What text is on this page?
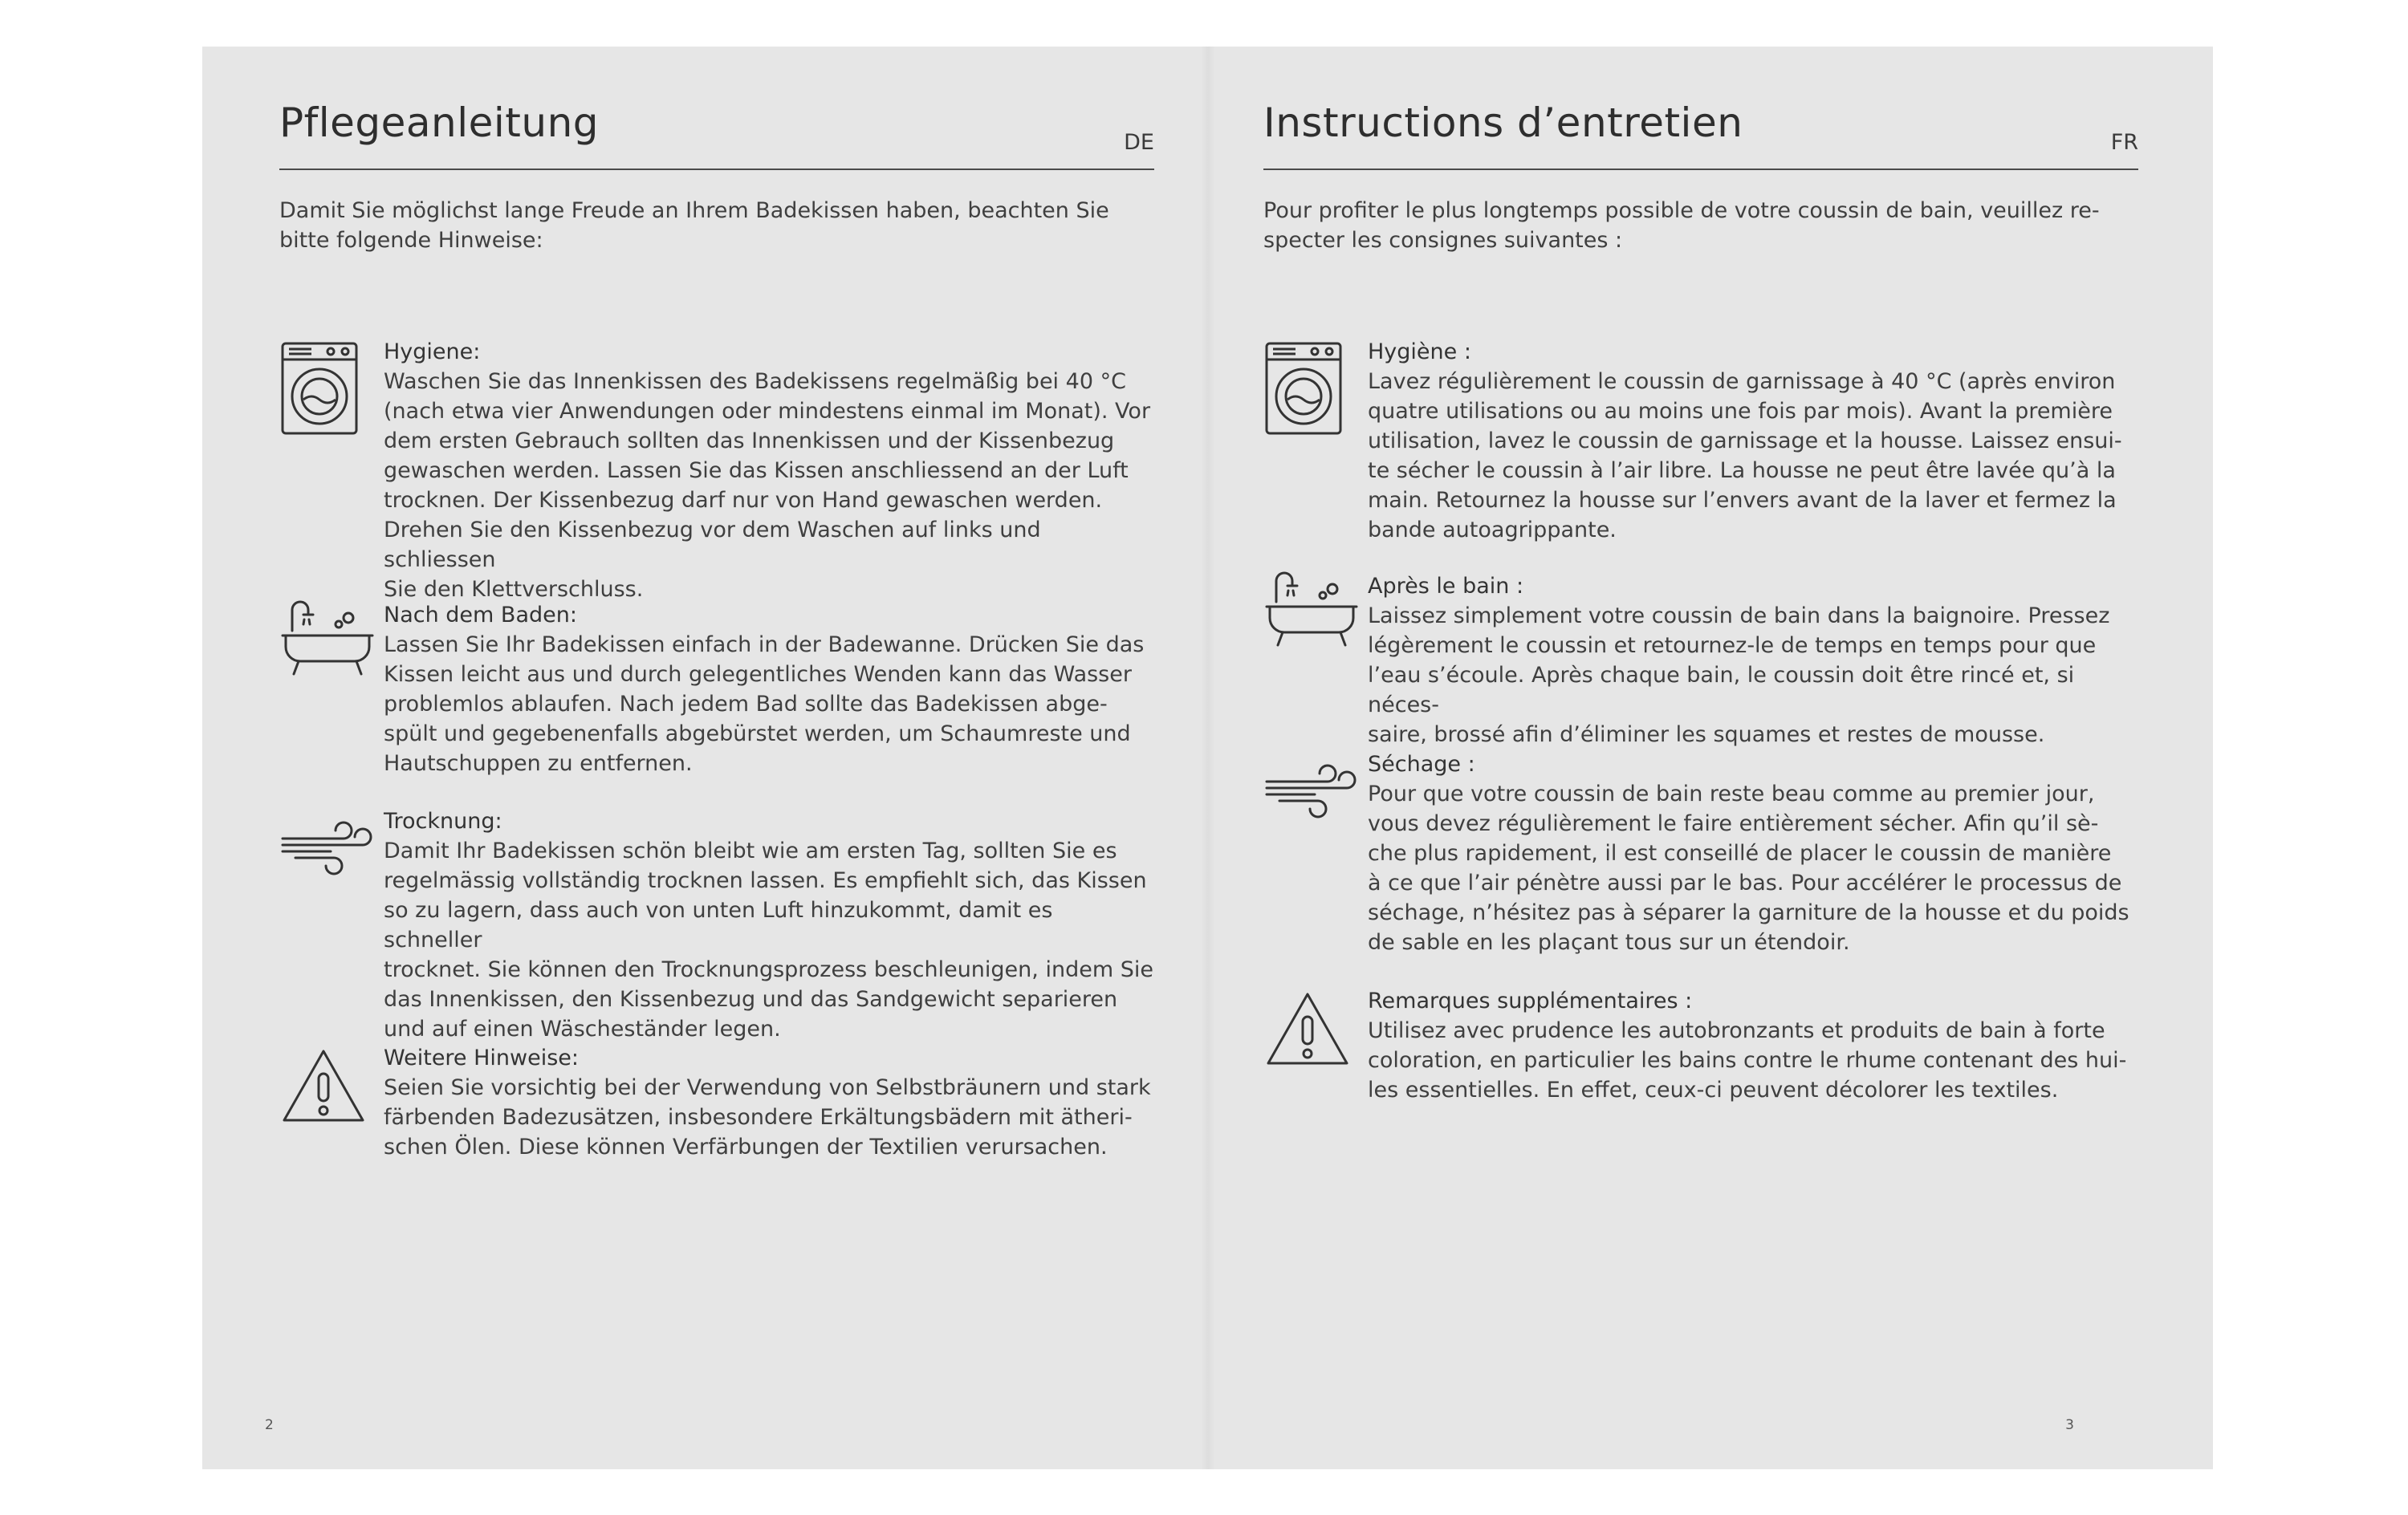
Pflegeanleitung	DE

Damit Sie möglichst lange Freude an Ihrem Badekissen haben, beachten Sie
bitte folgende Hinweise:

Hygiene:

Waschen Sie das Innenkissen des Badekissens regelmäßig bei 40 °C
(nach etwa vier Anwendungen oder mindestens einmal im Monat). Vor
dem ersten Gebrauch sollten das Innenkissen und der Kissenbezug
gewaschen werden. Lassen Sie das Kissen anschliessend an der Luft
trocknen. Der Kissenbezug darf nur von Hand gewaschen werden.
Drehen Sie den Kissenbezug vor dem Waschen auf links und schliessen
Sie den Klettverschluss.

Nach dem Baden:

Lassen Sie Ihr Badekissen einfach in der Badewanne. Drücken Sie das
Kissen leicht aus und durch gelegentliches Wenden kann das Wasser
problemlos ablaufen. Nach jedem Bad sollte das Badekissen abge-
spült und gegebenenfalls abgebürstet werden, um Schaumreste und
Hautschuppen zu entfernen.

Trocknung:

Damit Ihr Badekissen schön bleibt wie am ersten Tag, sollten Sie es
regelmässig vollständig trocknen lassen. Es empfiehlt sich, das Kissen
so zu lagern, dass auch von unten Luft hinzukommt, damit es schneller
trocknet. Sie können den Trocknungsprozess beschleunigen, indem Sie
das Innenkissen, den Kissenbezug und das Sandgewicht separieren
und auf einen Wäscheständer legen.

Weitere Hinweise:

Seien Sie vorsichtig bei der Verwendung von Selbstbräunern und stark
färbenden Badezusätzen, insbesondere Erkältungsbädern mit ätheri-
schen Ölen. Diese können Verfärbungen der Textilien verursachen.

2
Instructions d’entretien	FR

Pour profiter le plus longtemps possible de votre coussin de bain, veuillez re-
specter les consignes suivantes :

Hygiène :

Lavez régulièrement le coussin de garnissage à 40 °C (après environ
quatre utilisations ou au moins une fois par mois). Avant la première
utilisation, lavez le coussin de garnissage et la housse. Laissez ensui-
te sécher le coussin à l’air libre. La housse ne peut être lavée qu’à la
main. Retournez la housse sur l’envers avant de la laver et fermez la
bande autoagrippante.

Après le bain :

Laissez simplement votre coussin de bain dans la baignoire. Pressez
légèrement le coussin et retournez-le de temps en temps pour que
l’eau s’écoule. Après chaque bain, le coussin doit être rincé et, si néces-
saire, brossé afin d’éliminer les squames et restes de mousse.

Séchage :

Pour que votre coussin de bain reste beau comme au premier jour,
vous devez régulièrement le faire entièrement sécher. Afin qu’il sè-
che plus rapidement, il est conseillé de placer le coussin de manière
à ce que l’air pénètre aussi par le bas. Pour accélérer le processus de
séchage, n’hésitez pas à séparer la garniture de la housse et du poids
de sable en les plaçant tous sur un étendoir.

Remarques supplémentaires :

Utilisez avec prudence les autobronzants et produits de bain à forte
coloration, en particulier les bains contre le rhume contenant des hui-
les essentielles. En effet, ceux-ci peuvent décolorer les textiles.

3
